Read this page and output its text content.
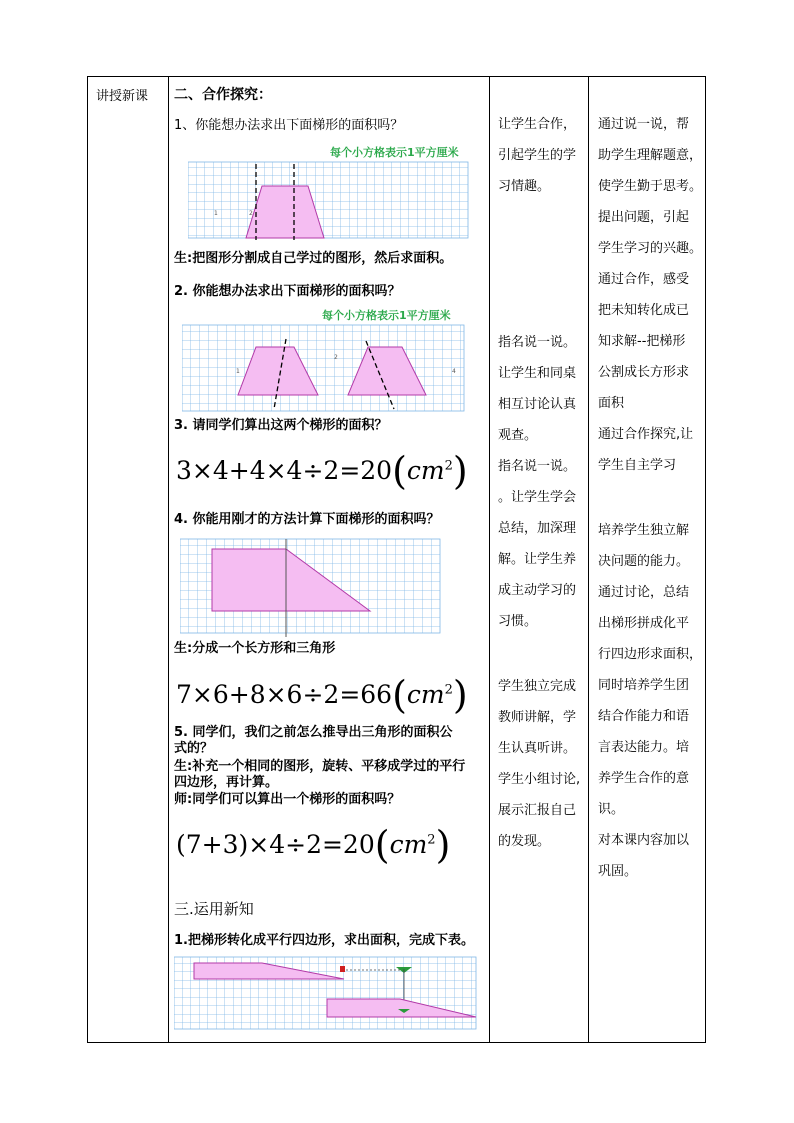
讲授新课	二、合作探究：
1、你能想办法求出下面梯形的面积吗？
每个小方格表示1平方厘米
1	2
生:把图形分割成自己学过的图形，然后求面积。
2. 你能想办法求出下面梯形的面积吗？
每个小方格表示1平方厘米
1
2
4
3. 请同学们算出这两个梯形的面积？
$3\times 4+4\times 4\div 2=20(cm^2)$
4. 你能用刚才的方法计算下面梯形的面积吗？
生:分成一个长方形和三角形
$7\times 6+8\times 6\div 2=66(cm^2)$
5. 同学们，我们之前怎么推导出三角形的面积公
式的？
生:补充一个相同的图形，旋转、平移成学过的平行
四边形，再计算。
师:同学们可以算出一个梯形的面积吗？
$(7+3)\times 4\div 2=20(cm^2)$
三.运用新知
1.把梯形转化成平行四边形，求出面积，完成下表。
让学生合作，
引起学生的学
习情趣。
指名说一说。
让学生和同桌
相互讨论认真
观查。
指名说一说。
。让学生学会
总结，加深理
解。让学生养
成主动学习的
习惯。
学生独立完成
教师讲解，学
生认真听讲。
学生小组讨论,
展示汇报自己
的发现。
通过说一说，帮
助学生理解题意，
使学生勤于思考。
提出问题，引起
学生学习的兴趣。
通过合作，感受
把未知转化成已
知求解--把梯形
公割成长方形求
面积
通过合作探究,让
学生自主学习
培养学生独立解
决问题的能力。
通过讨论，总结
出梯形拼成化平
行四边形求面积，
同时培养学生团
结合作能力和语
言表达能力。培
养学生合作的意
识。
对本课内容加以
巩固。
